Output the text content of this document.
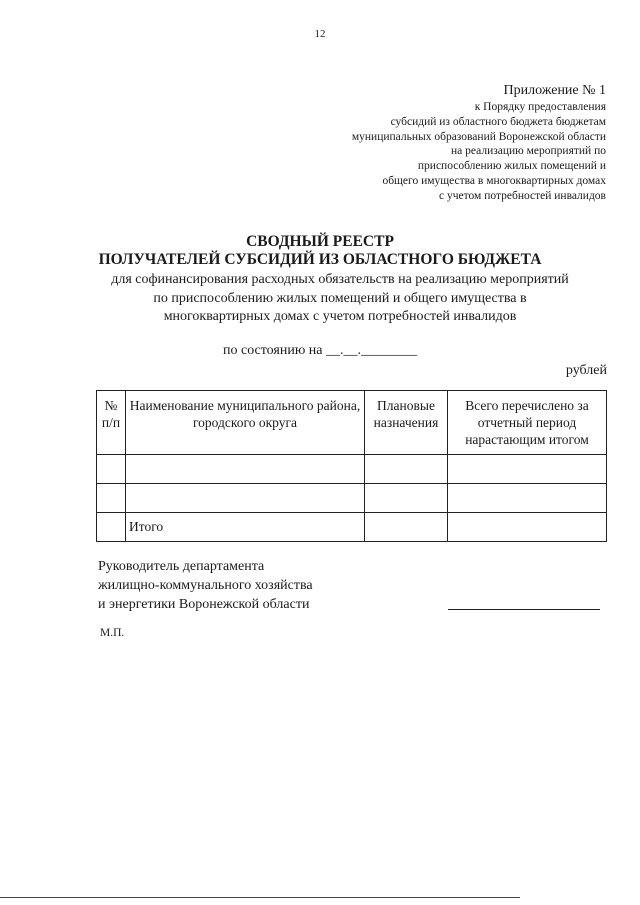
12
Приложение № 1
к Порядку предоставления
субсидий из областного бюджета бюджетам
муниципальных образований Воронежской области
на реализацию мероприятий по
приспособлению жилых помещений и
общего имущества в многоквартирных домах
с учетом потребностей инвалидов
СВОДНЫЙ РЕЕСТР
ПОЛУЧАТЕЛЕЙ СУБСИДИЙ ИЗ ОБЛАСТНОГО БЮДЖЕТА
для софинансирования расходных обязательств на реализацию мероприятий
по приспособлению жилых помещений и общего имущества в
многоквартирных домах с учетом потребностей инвалидов
по состоянию на __.__.________
рублей
№ п/п	Наименование муниципального района, городского округа	Плановые назначения	Всего перечислено за отчетный период нарастающим итогом

	Итого		
Руководитель департамента
жилищно-коммунального хозяйства
и энергетики Воронежской области
М.П.
